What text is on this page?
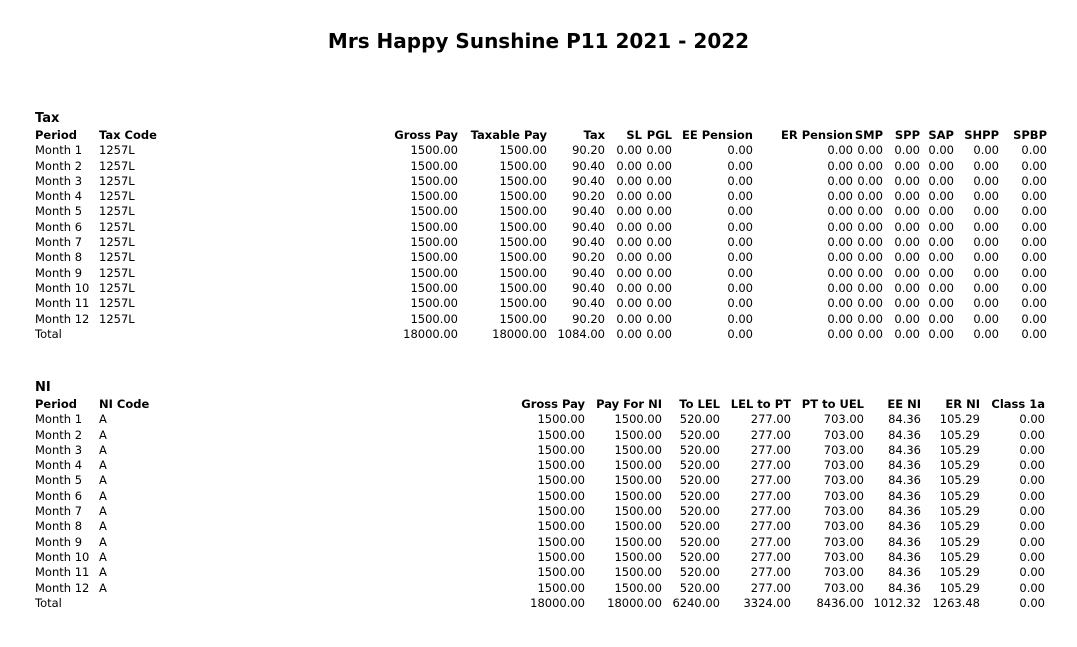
Mrs Happy Sunshine P11 2021 - 2022
Tax
Period	Tax Code	Gross Pay	Taxable Pay	Tax	SL	PGL	EE Pension	ER Pension	SMP	SPP	SAP	SHPP	SPBP
Month 1	1257L	1500.00	1500.00	90.20	0.00	0.00	0.00	0.00	0.00	0.00	0.00	0.00	0.00
Month 2	1257L	1500.00	1500.00	90.40	0.00	0.00	0.00	0.00	0.00	0.00	0.00	0.00	0.00
Month 3	1257L	1500.00	1500.00	90.40	0.00	0.00	0.00	0.00	0.00	0.00	0.00	0.00	0.00
Month 4	1257L	1500.00	1500.00	90.20	0.00	0.00	0.00	0.00	0.00	0.00	0.00	0.00	0.00
Month 5	1257L	1500.00	1500.00	90.40	0.00	0.00	0.00	0.00	0.00	0.00	0.00	0.00	0.00
Month 6	1257L	1500.00	1500.00	90.40	0.00	0.00	0.00	0.00	0.00	0.00	0.00	0.00	0.00
Month 7	1257L	1500.00	1500.00	90.40	0.00	0.00	0.00	0.00	0.00	0.00	0.00	0.00	0.00
Month 8	1257L	1500.00	1500.00	90.20	0.00	0.00	0.00	0.00	0.00	0.00	0.00	0.00	0.00
Month 9	1257L	1500.00	1500.00	90.40	0.00	0.00	0.00	0.00	0.00	0.00	0.00	0.00	0.00
Month 10	1257L	1500.00	1500.00	90.40	0.00	0.00	0.00	0.00	0.00	0.00	0.00	0.00	0.00
Month 11	1257L	1500.00	1500.00	90.40	0.00	0.00	0.00	0.00	0.00	0.00	0.00	0.00	0.00
Month 12	1257L	1500.00	1500.00	90.20	0.00	0.00	0.00	0.00	0.00	0.00	0.00	0.00	0.00
Total		18000.00	18000.00	1084.00	0.00	0.00	0.00	0.00	0.00	0.00	0.00	0.00	0.00
NI
Period	NI Code	Gross Pay	Pay For NI	To LEL	LEL to PT	PT to UEL	EE NI	ER NI	Class 1a
Month 1	A	1500.00	1500.00	520.00	277.00	703.00	84.36	105.29	0.00
Month 2	A	1500.00	1500.00	520.00	277.00	703.00	84.36	105.29	0.00
Month 3	A	1500.00	1500.00	520.00	277.00	703.00	84.36	105.29	0.00
Month 4	A	1500.00	1500.00	520.00	277.00	703.00	84.36	105.29	0.00
Month 5	A	1500.00	1500.00	520.00	277.00	703.00	84.36	105.29	0.00
Month 6	A	1500.00	1500.00	520.00	277.00	703.00	84.36	105.29	0.00
Month 7	A	1500.00	1500.00	520.00	277.00	703.00	84.36	105.29	0.00
Month 8	A	1500.00	1500.00	520.00	277.00	703.00	84.36	105.29	0.00
Month 9	A	1500.00	1500.00	520.00	277.00	703.00	84.36	105.29	0.00
Month 10	A	1500.00	1500.00	520.00	277.00	703.00	84.36	105.29	0.00
Month 11	A	1500.00	1500.00	520.00	277.00	703.00	84.36	105.29	0.00
Month 12	A	1500.00	1500.00	520.00	277.00	703.00	84.36	105.29	0.00
Total		18000.00	18000.00	6240.00	3324.00	8436.00	1012.32	1263.48	0.00
